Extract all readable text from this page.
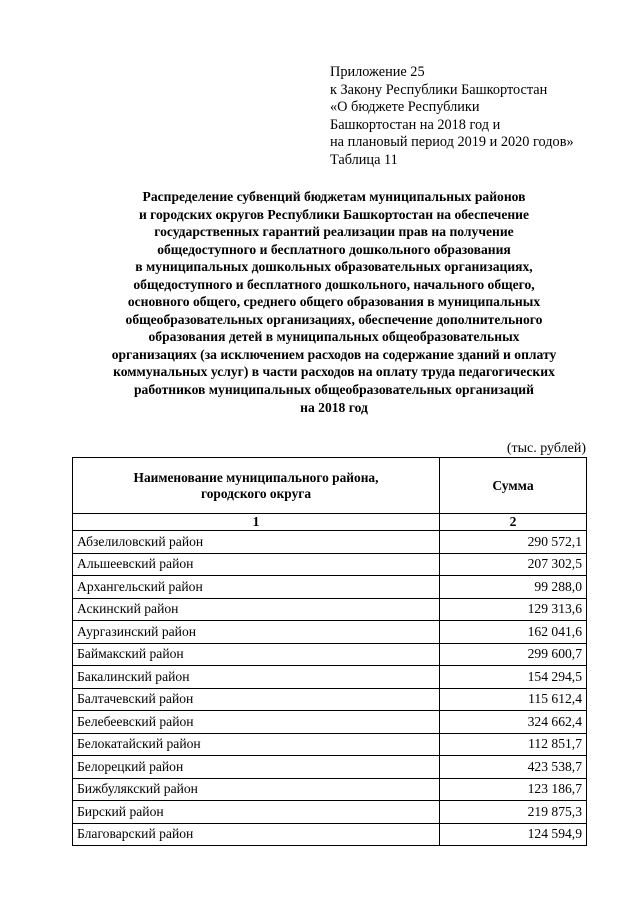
Приложение 25
к Закону Республики Башкортостан
«О бюджете Республики
Башкортостан на 2018 год и
на плановый период 2019 и 2020 годов»
Таблица 11
Распределение субвенций бюджетам муниципальных районов
и городских округов Республики Башкортостан на обеспечение
государственных гарантий реализации прав на получение
общедоступного и бесплатного дошкольного образования
в муниципальных дошкольных образовательных организациях,
общедоступного и бесплатного дошкольного, начального общего,
основного общего, среднего общего образования в муниципальных
общеобразовательных организациях, обеспечение дополнительного
образования детей в муниципальных общеобразовательных
организациях (за исключением расходов на содержание зданий и оплату
коммунальных услуг) в части расходов на оплату труда педагогических
работников муниципальных общеобразовательных организаций
на 2018 год
(тыс. рублей)
Наименование муниципального района,
городского округа	Сумма
1	2
Абзелиловский район	290 572,1
Альшеевский район	207 302,5
Архангельский район	99 288,0
Аскинский район	129 313,6
Аургазинский район	162 041,6
Баймакский район	299 600,7
Бакалинский район	154 294,5
Балтачевский район	115 612,4
Белебеевский район	324 662,4
Белокатайский район	112 851,7
Белорецкий район	423 538,7
Бижбулякский район	123 186,7
Бирский район	219 875,3
Благоварский район	124 594,9
